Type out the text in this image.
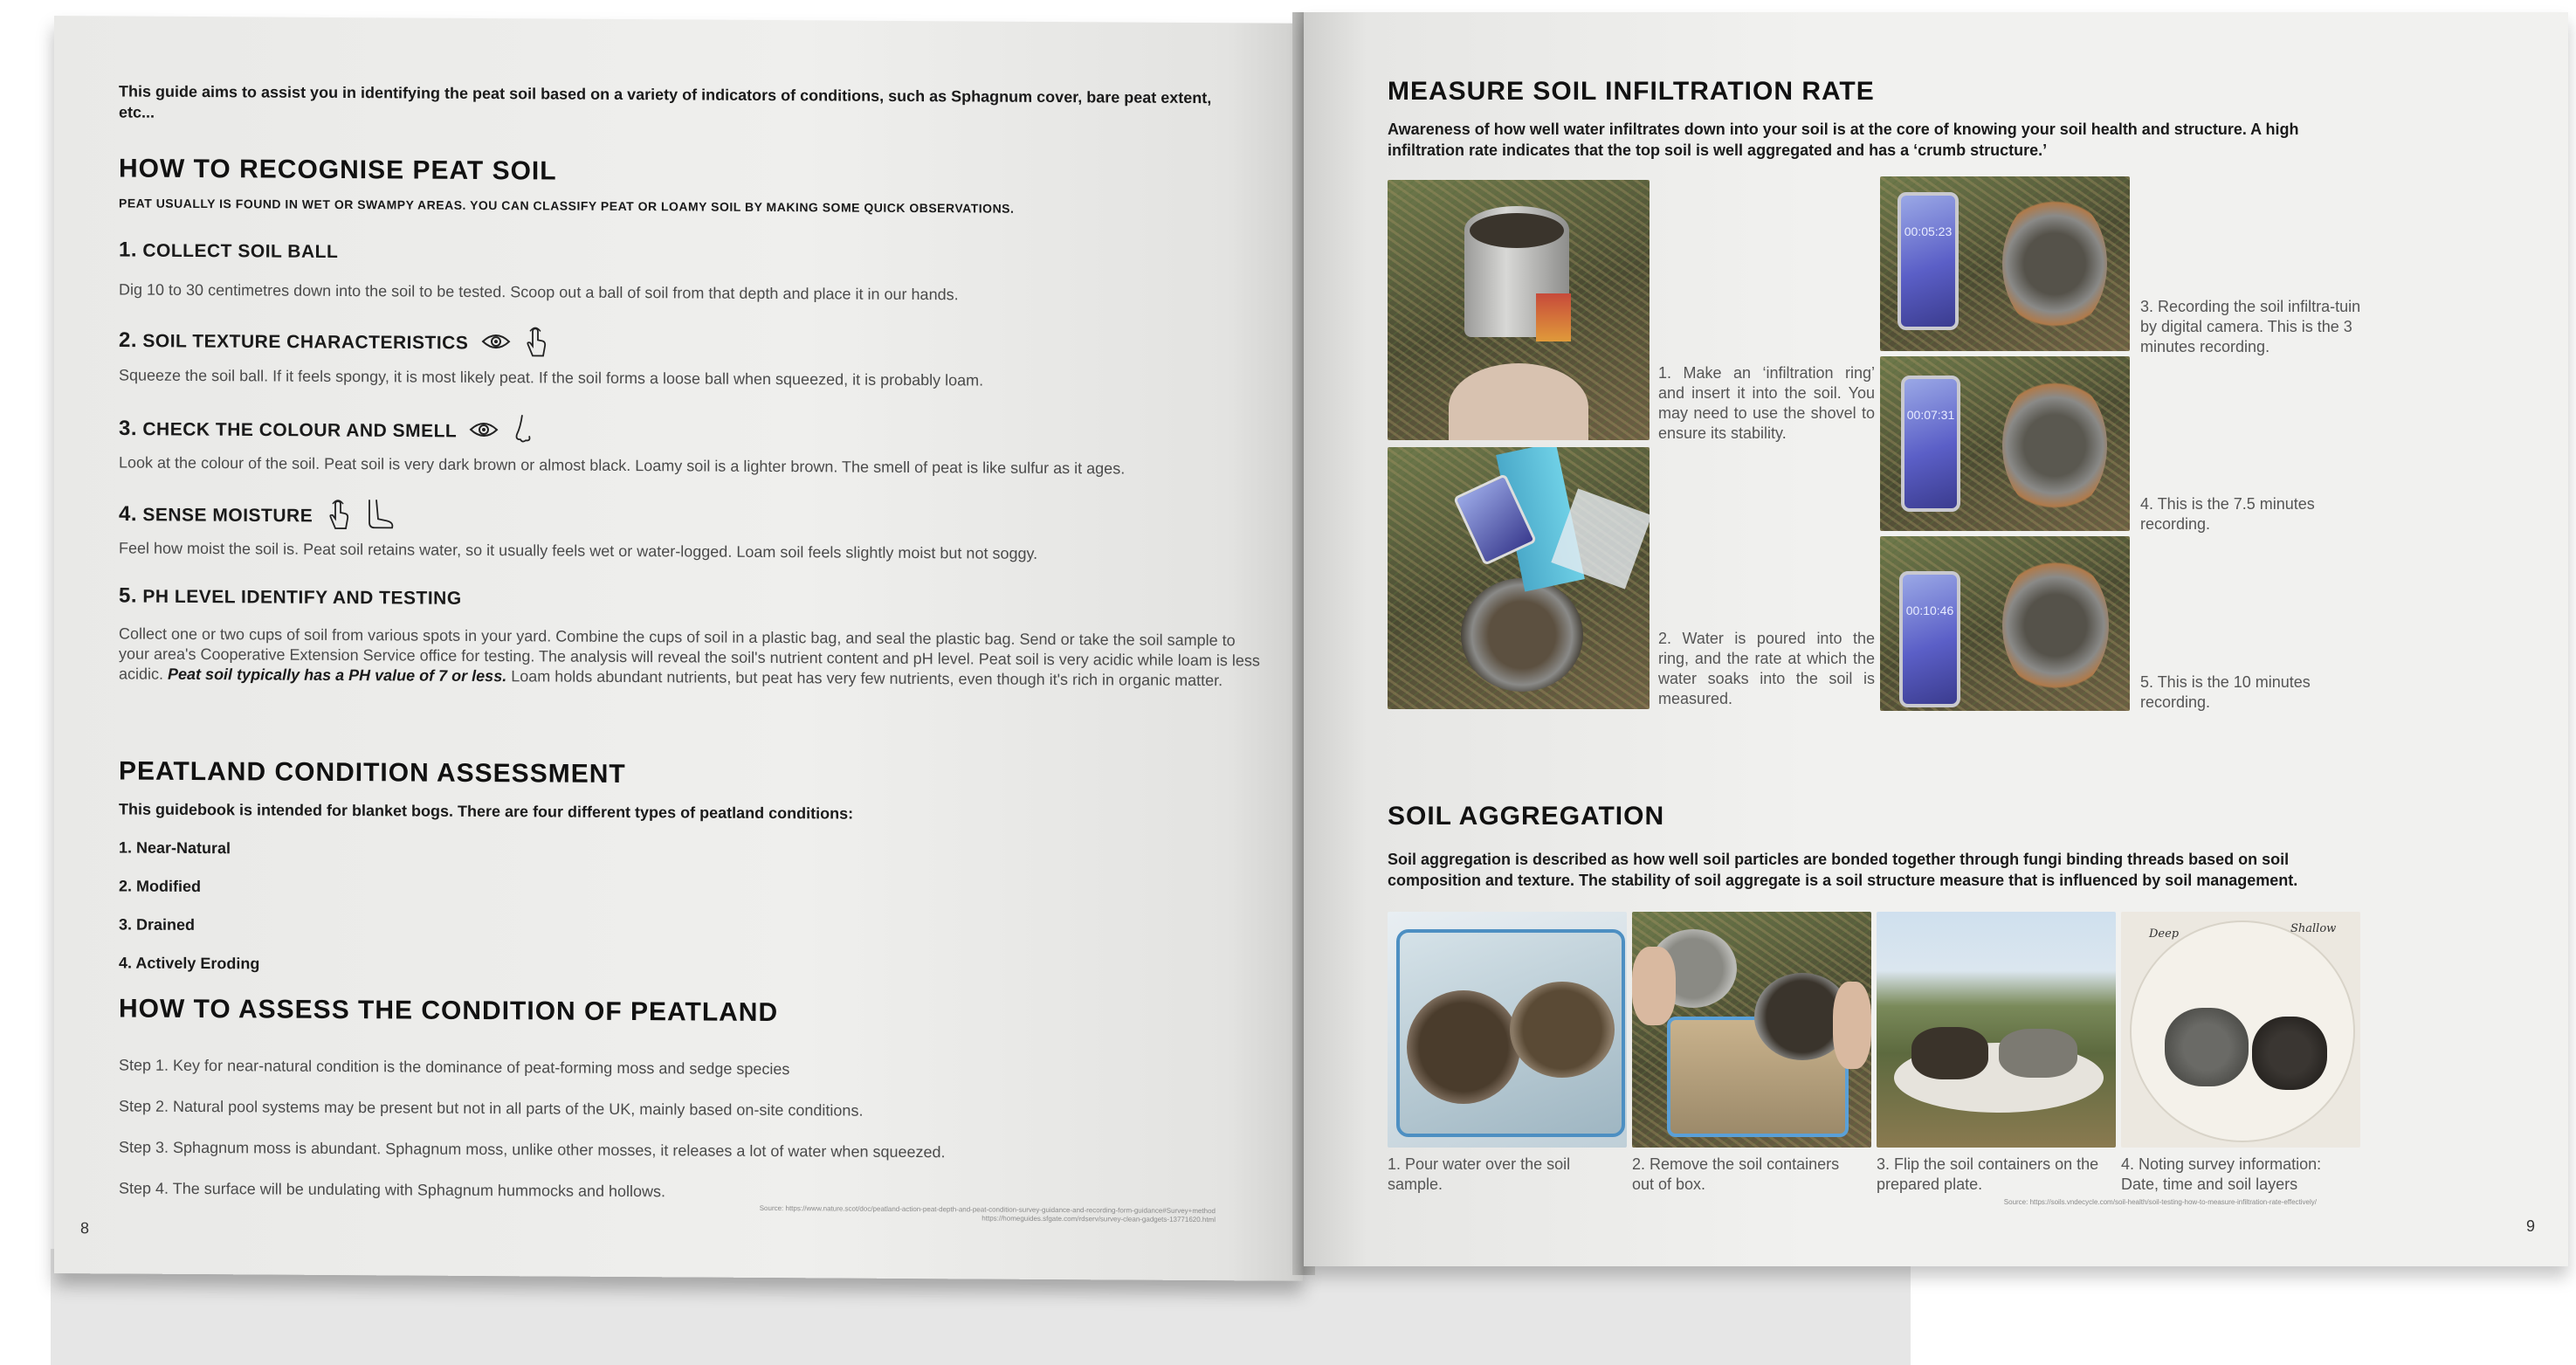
This guide aims to assist you in identifying the peat soil based on a variety of indicators of conditions, such as Sphagnum cover, bare peat extent, etc...
HOW TO RECOGNISE PEAT SOIL
PEAT USUALLY IS FOUND IN WET OR SWAMPY AREAS. YOU CAN CLASSIFY PEAT OR LOAMY SOIL BY MAKING SOME QUICK OBSERVATIONS.
1. COLLECT SOIL BALL
Dig 10 to 30 centimetres down into the soil to be tested. Scoop out a ball of soil from that depth and place it in our hands.
2. SOIL TEXTURE CHARACTERISTICS
Squeeze the soil ball. If it feels spongy, it is most likely peat. If the soil forms a loose ball when squeezed, it is probably loam.
3. CHECK THE COLOUR AND SMELL
Look at the colour of the soil. Peat soil is very dark brown or almost black. Loamy soil is a lighter brown. The smell of peat is like sulfur as it ages.
4. SENSE MOISTURE
Feel how moist the soil is. Peat soil retains water, so it usually feels wet or water-logged. Loam soil feels slightly moist but not soggy.
5. PH LEVEL IDENTIFY AND TESTING
Collect one or two cups of soil from various spots in your yard. Combine the cups of soil in a plastic bag, and seal the plastic bag. Send or take the soil sample to your area's Cooperative Extension Service office for testing. The analysis will reveal the soil's nutrient content and pH level. Peat soil is very acidic while loam is less acidic. Peat soil typically has a PH value of 7 or less. Loam holds abundant nutrients, but peat has very few nutrients, even though it's rich in organic matter.
PEATLAND CONDITION ASSESSMENT
This guidebook is intended for blanket bogs. There are four different types of peatland conditions:
1. Near-Natural
2. Modified
3. Drained
4. Actively Eroding
HOW TO ASSESS THE CONDITION OF PEATLAND
Step 1. Key for near-natural condition is the dominance of peat-forming moss and sedge species
Step 2. Natural pool systems may be present but not in all parts of the UK, mainly based on-site conditions.
Step 3. Sphagnum moss is abundant. Sphagnum moss, unlike other mosses, it releases a lot of water when squeezed.
Step 4. The surface will be undulating with Sphagnum hummocks and hollows.
Source: https://www.nature.scot/doc/peatland-action-peat-depth-and-peat-condition-survey-guidance-and-recording-form-guidance#Survey+method
https://homeguides.sfgate.com/rdserv/survey-clean-gadgets-13771620.html
8
MEASURE SOIL INFILTRATION RATE
Awareness of how well water infiltrates down into your soil is at the core of knowing your soil health and structure. A high infiltration rate indicates that the top soil is well aggregated and has a ‘crumb structure.’
1. Make an ‘infiltration ring’ and insert it into the soil. You may need to use the shovel to ensure its stability.
2. Water is poured into the ring, and the rate at which the water soaks into the soil is measured.
00:05:23
00:07:31
00:10:46
3. Recording the soil infiltra-tuin by digital camera. This is the 3 minutes recording.
4. This is the 7.5 minutes recording.
5. This is the 10 minutes recording.
SOIL AGGREGATION
Soil aggregation is described as how well soil particles are bonded together through fungi binding threads based on soil composition and texture. The stability of soil aggregate is a soil structure measure that is influenced by soil management.
Deep	Shallow
1. Pour water over the soil sample.
2. Remove the soil containers out of box.
3. Flip the soil containers on the prepared plate.
4. Noting survey information: Date, time and soil layers
Source: https://soils.vndecycle.com/soil-health/soil-testing-how-to-measure-infiltration-rate-effectively/
9
